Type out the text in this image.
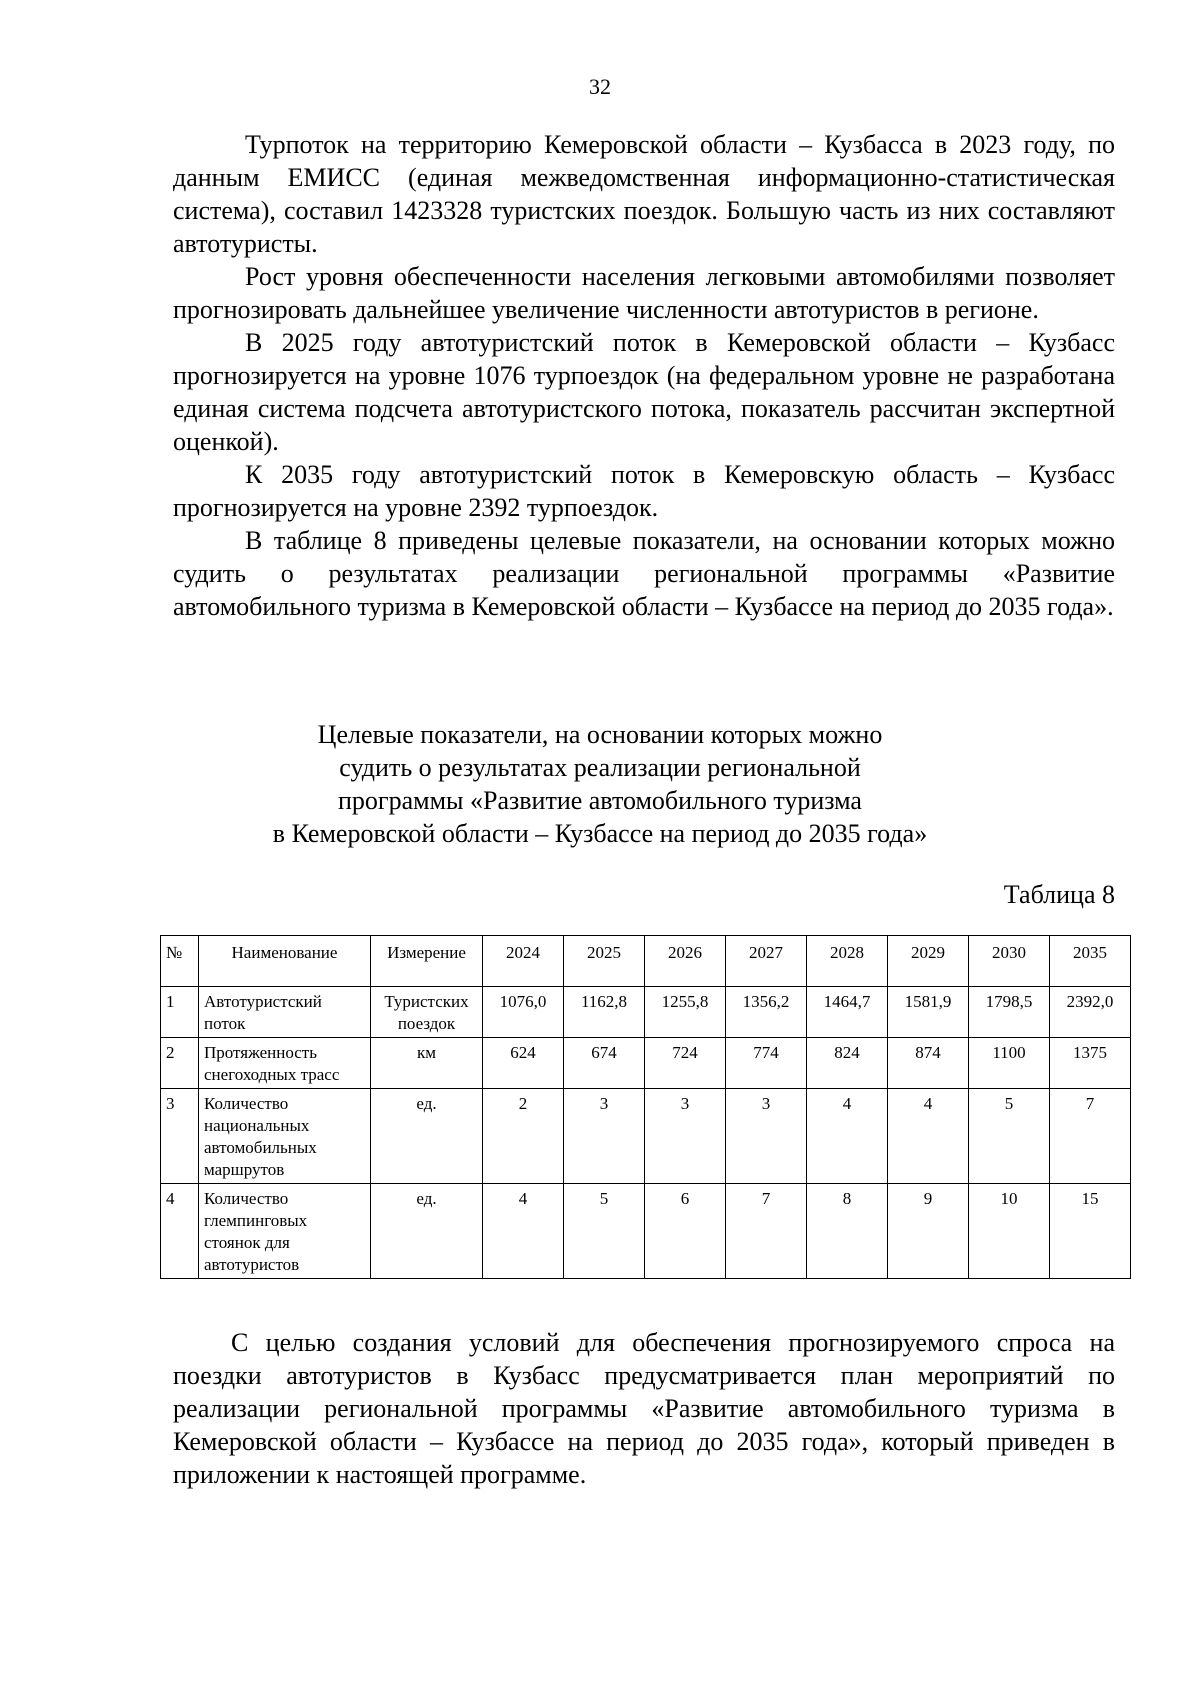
32

Турпоток на территорию Кемеровской области – Кузбасса в 2023 году, по данным ЕМИСС (единая межведомственная информационно-статистическая система), составил 1423328 туристских поездок. Большую часть из них составляют автотуристы.

Рост уровня обеспеченности населения легковыми автомобилями позволяет прогнозировать дальнейшее увеличение численности автотуристов в регионе.

В 2025 году автотуристский поток в Кемеровской области – Кузбасс прогнозируется на уровне 1076 турпоездок (на федеральном уровне не разработана единая система подсчета автотуристского потока, показатель рассчитан экспертной оценкой).

К 2035 году автотуристский поток в Кемеровскую область – Кузбасс прогнозируется на уровне 2392 турпоездок.

В таблице 8 приведены целевые показатели, на основании которых можно судить о результатах реализации региональной программы «Развитие автомобильного туризма в Кемеровской области – Кузбассе на период до 2035 года».

Целевые показатели, на основании которых можно
судить о результатах реализации региональной
программы «Развитие автомобильного туризма
в Кемеровской области – Кузбассе на период до 2035 года»
Таблица 8
№	Наименование	Измерение	2024	2025	2026	2027	2028	2029	2030	2035
1	Автотуристский поток	Туристских поездок	1076,0	1162,8	1255,8	1356,2	1464,7	1581,9	1798,5	2392,0
2	Протяженность снегоходных трасс	км	624	674	724	774	824	874	1100	1375
3	Количество национальных автомобильных маршрутов	ед.	2	3	3	3	4	4	5	7
4	Количество глемпинговых стоянок для автотуристов	ед.	4	5	6	7	8	9	10	15

С целью создания условий для обеспечения прогнозируемого спроса на поездки автотуристов в Кузбасс предусматривается план мероприятий по реализации региональной программы «Развитие автомобильного туризма в Кемеровской области – Кузбассе на период до 2035 года», который приведен в приложении к настоящей программе.
